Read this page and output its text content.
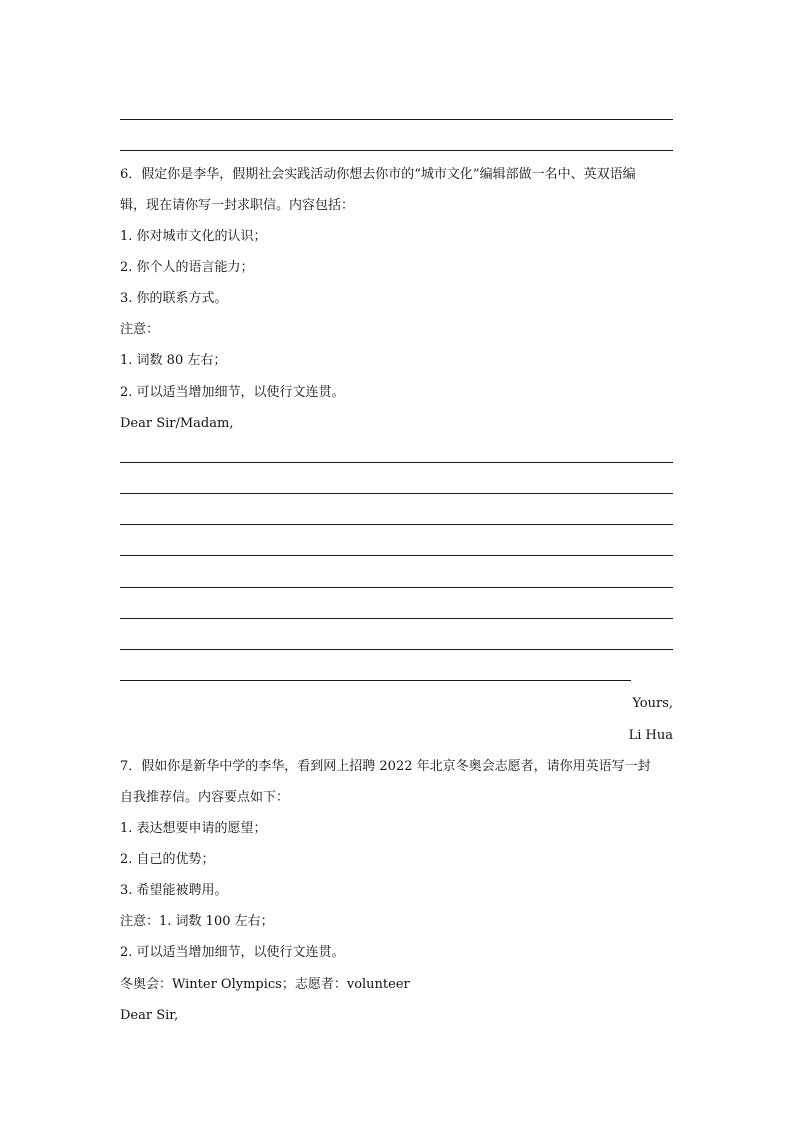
6．假定你是李华，假期社会实践活动你想去你市的“城市文化”编辑部做一名中、英双语编
辑，现在请你写一封求职信。内容包括：
1. 你对城市文化的认识；
2. 你个人的语言能力；
3. 你的联系方式。
注意：
1. 词数 80 左右；
2. 可以适当增加细节，以使行文连贯。
Dear Sir/Madam,
Yours,
Li Hua
7．假如你是新华中学的李华，看到网上招聘 2022 年北京冬奥会志愿者，请你用英语写一封
自我推荐信。内容要点如下：
1. 表达想要申请的愿望；
2. 自己的优势；
3. 希望能被聘用。
注意：1. 词数 100 左右；
2. 可以适当增加细节，以使行文连贯。
冬奥会：Winter Olympics；志愿者：volunteer
Dear Sir,
